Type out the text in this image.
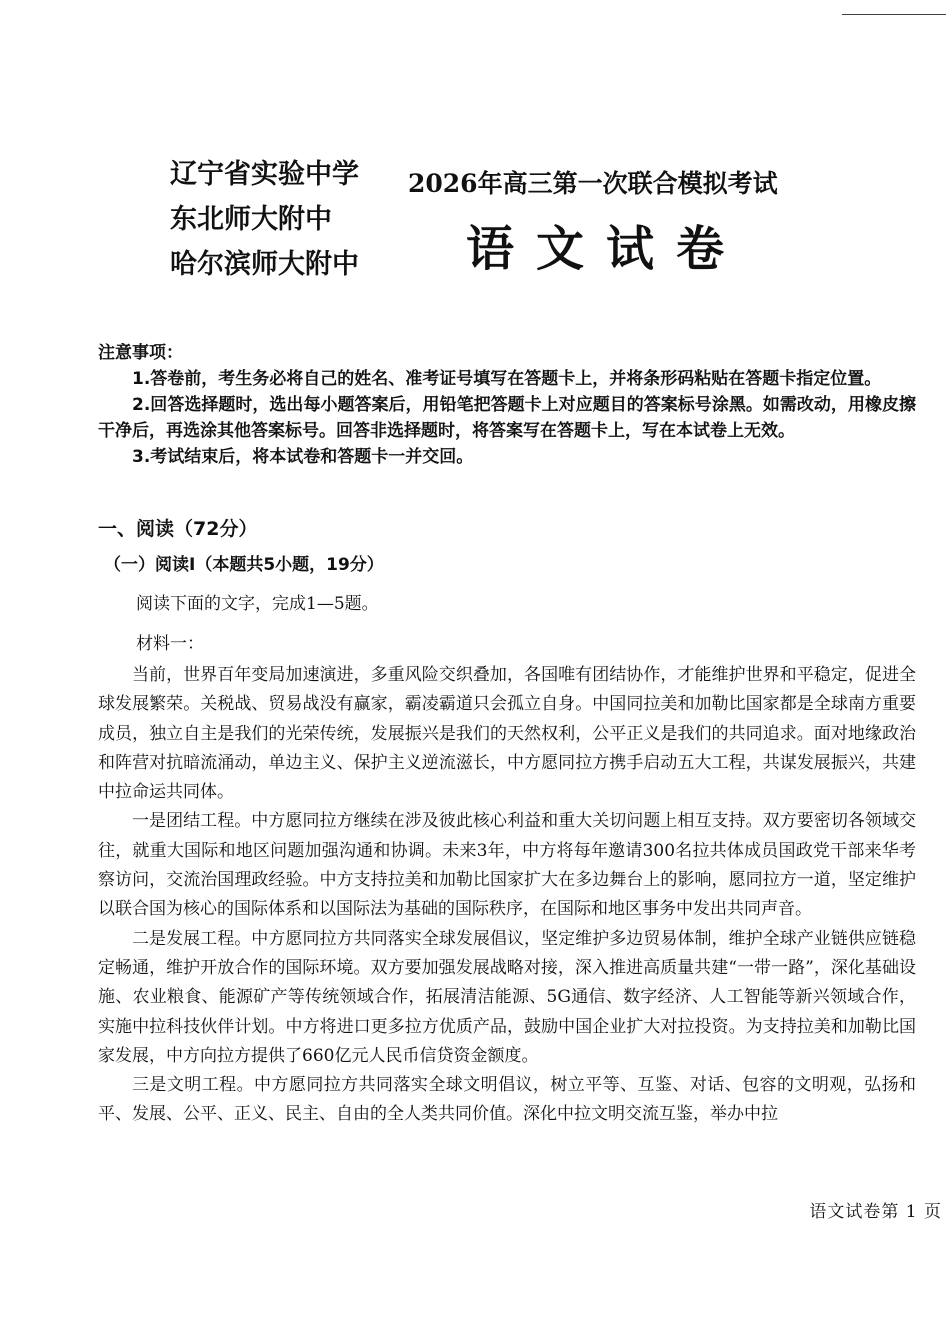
辽宁省实验中学
东北师大附中
哈尔滨师大附中
2026年高三第一次联合模拟考试
语文试卷

注意事项：

1.答卷前，考生务必将自己的姓名、准考证号填写在答题卡上，并将条形码粘贴在答题卡指定位置。

2.回答选择题时，选出每小题答案后，用铅笔把答题卡上对应题目的答案标号涂黑。如需改动，用橡皮擦干净后，再选涂其他答案标号。回答非选择题时，将答案写在答题卡上，写在本试卷上无效。

3.考试结束后，将本试卷和答题卡一并交回。

一、阅读（72分）
（一）阅读Ⅰ（本题共5小题，19分）
阅读下面的文字，完成1—5题。
材料一：

当前，世界百年变局加速演进，多重风险交织叠加，各国唯有团结协作，才能维护世界和平稳定，促进全球发展繁荣。关税战、贸易战没有赢家，霸凌霸道只会孤立自身。中国同拉美和加勒比国家都是全球南方重要成员，独立自主是我们的光荣传统，发展振兴是我们的天然权利，公平正义是我们的共同追求。面对地缘政治和阵营对抗暗流涌动，单边主义、保护主义逆流滋长，中方愿同拉方携手启动五大工程，共谋发展振兴，共建中拉命运共同体。

一是团结工程。中方愿同拉方继续在涉及彼此核心利益和重大关切问题上相互支持。双方要密切各领域交往，就重大国际和地区问题加强沟通和协调。未来3年，中方将每年邀请300名拉共体成员国政党干部来华考察访问，交流治国理政经验。中方支持拉美和加勒比国家扩大在多边舞台上的影响，愿同拉方一道，坚定维护以联合国为核心的国际体系和以国际法为基础的国际秩序，在国际和地区事务中发出共同声音。

二是发展工程。中方愿同拉方共同落实全球发展倡议，坚定维护多边贸易体制，维护全球产业链供应链稳定畅通，维护开放合作的国际环境。双方要加强发展战略对接，深入推进高质量共建“一带一路”，深化基础设施、农业粮食、能源矿产等传统领域合作，拓展清洁能源、5G通信、数字经济、人工智能等新兴领域合作，实施中拉科技伙伴计划。中方将进口更多拉方优质产品，鼓励中国企业扩大对拉投资。为支持拉美和加勒比国家发展，中方向拉方提供了660亿元人民币信贷资金额度。

三是文明工程。中方愿同拉方共同落实全球文明倡议，树立平等、互鉴、对话、包容的文明观，弘扬和平、发展、公平、正义、民主、自由的全人类共同价值。深化中拉文明交流互鉴，举办中拉

语文试卷第 1 页
